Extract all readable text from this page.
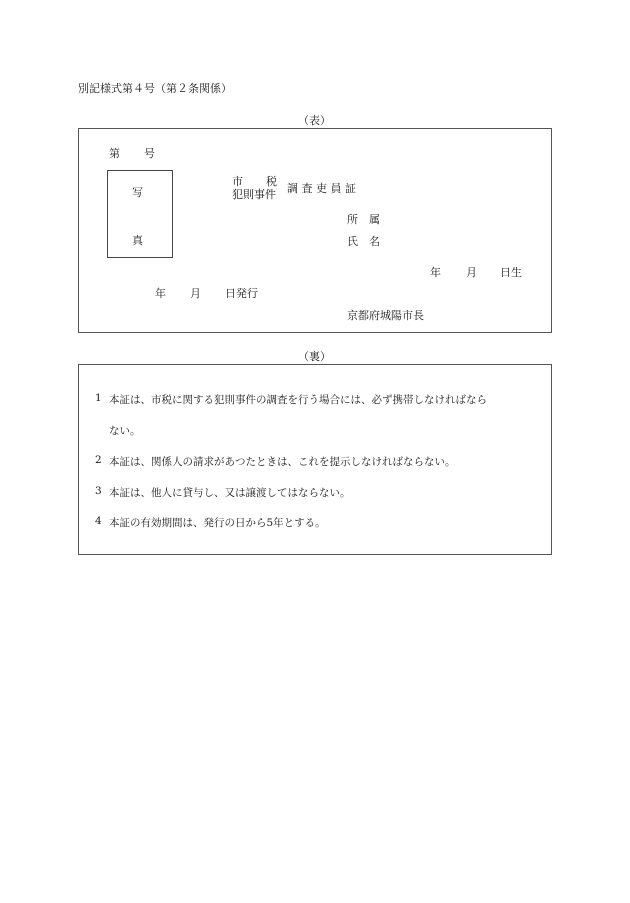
別記様式第４号（第２条関係）
（表）
第 号
写
真
市 税
犯則事件 調 査 吏 員 証
所　属
氏　名
年 月 日生
年 月 日発行
京都府城陽市長
（裏）
1 本証は、市税に関する犯則事件の調査を行う場合には、必ず携帯しなければなら
ない。
2 本証は、関係人の請求があつたときは、これを提示しなければならない。
3 本証は、他人に貸与し、又は譲渡してはならない。
4 本証の有効期間は、発行の日から5年とする。
